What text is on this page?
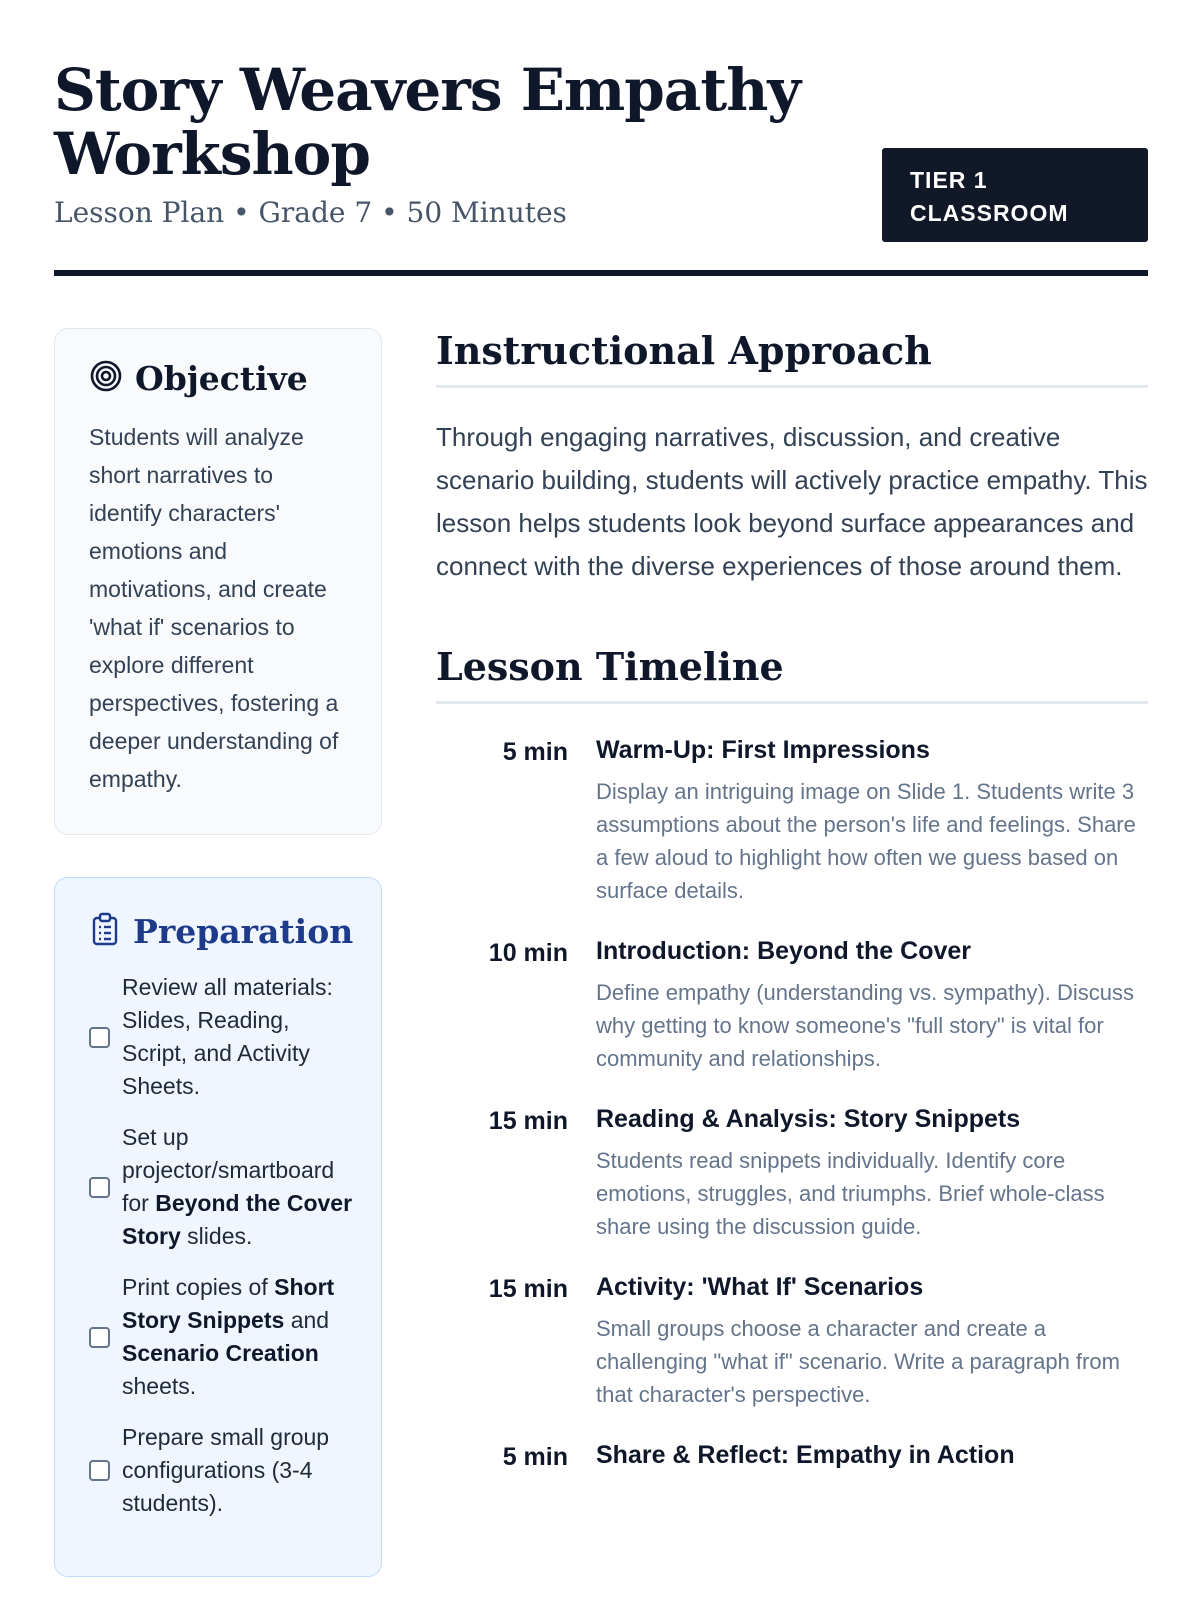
Story Weavers Empathy Workshop
Lesson Plan • Grade 7 • 50 Minutes
TIER 1 CLASSROOM
Objective

Students will analyze short narratives to identify characters' emotions and motivations, and create 'what if' scenarios to explore different perspectives, fostering a deeper understanding of empathy.

Preparation
Review all materials: Slides, Reading, Script, and Activity Sheets.
Set up projector/smartboard for Beyond the Cover Story slides.
Print copies of Short Story Snippets and Scenario Creation sheets.
Prepare small group configurations (3-4 students).
Instructional Approach

Through engaging narratives, discussion, and creative scenario building, students will actively practice empathy. This lesson helps students look beyond surface appearances and connect with the diverse experiences of those around them.

Lesson Timeline
5 min Warm-Up: First Impressions
Display an intriguing image on Slide 1. Students write 3 assumptions about the person's life and feelings. Share a few aloud to highlight how often we guess based on surface details.
10 min Introduction: Beyond the Cover
Define empathy (understanding vs. sympathy). Discuss why getting to know someone's "full story" is vital for community and relationships.
15 min Reading & Analysis: Story Snippets
Students read snippets individually. Identify core emotions, struggles, and triumphs. Brief whole-class share using the discussion guide.
15 min Activity: 'What If' Scenarios
Small groups choose a character and create a challenging "what if" scenario. Write a paragraph from that character's perspective.
5 min Share & Reflect: Empathy in Action
